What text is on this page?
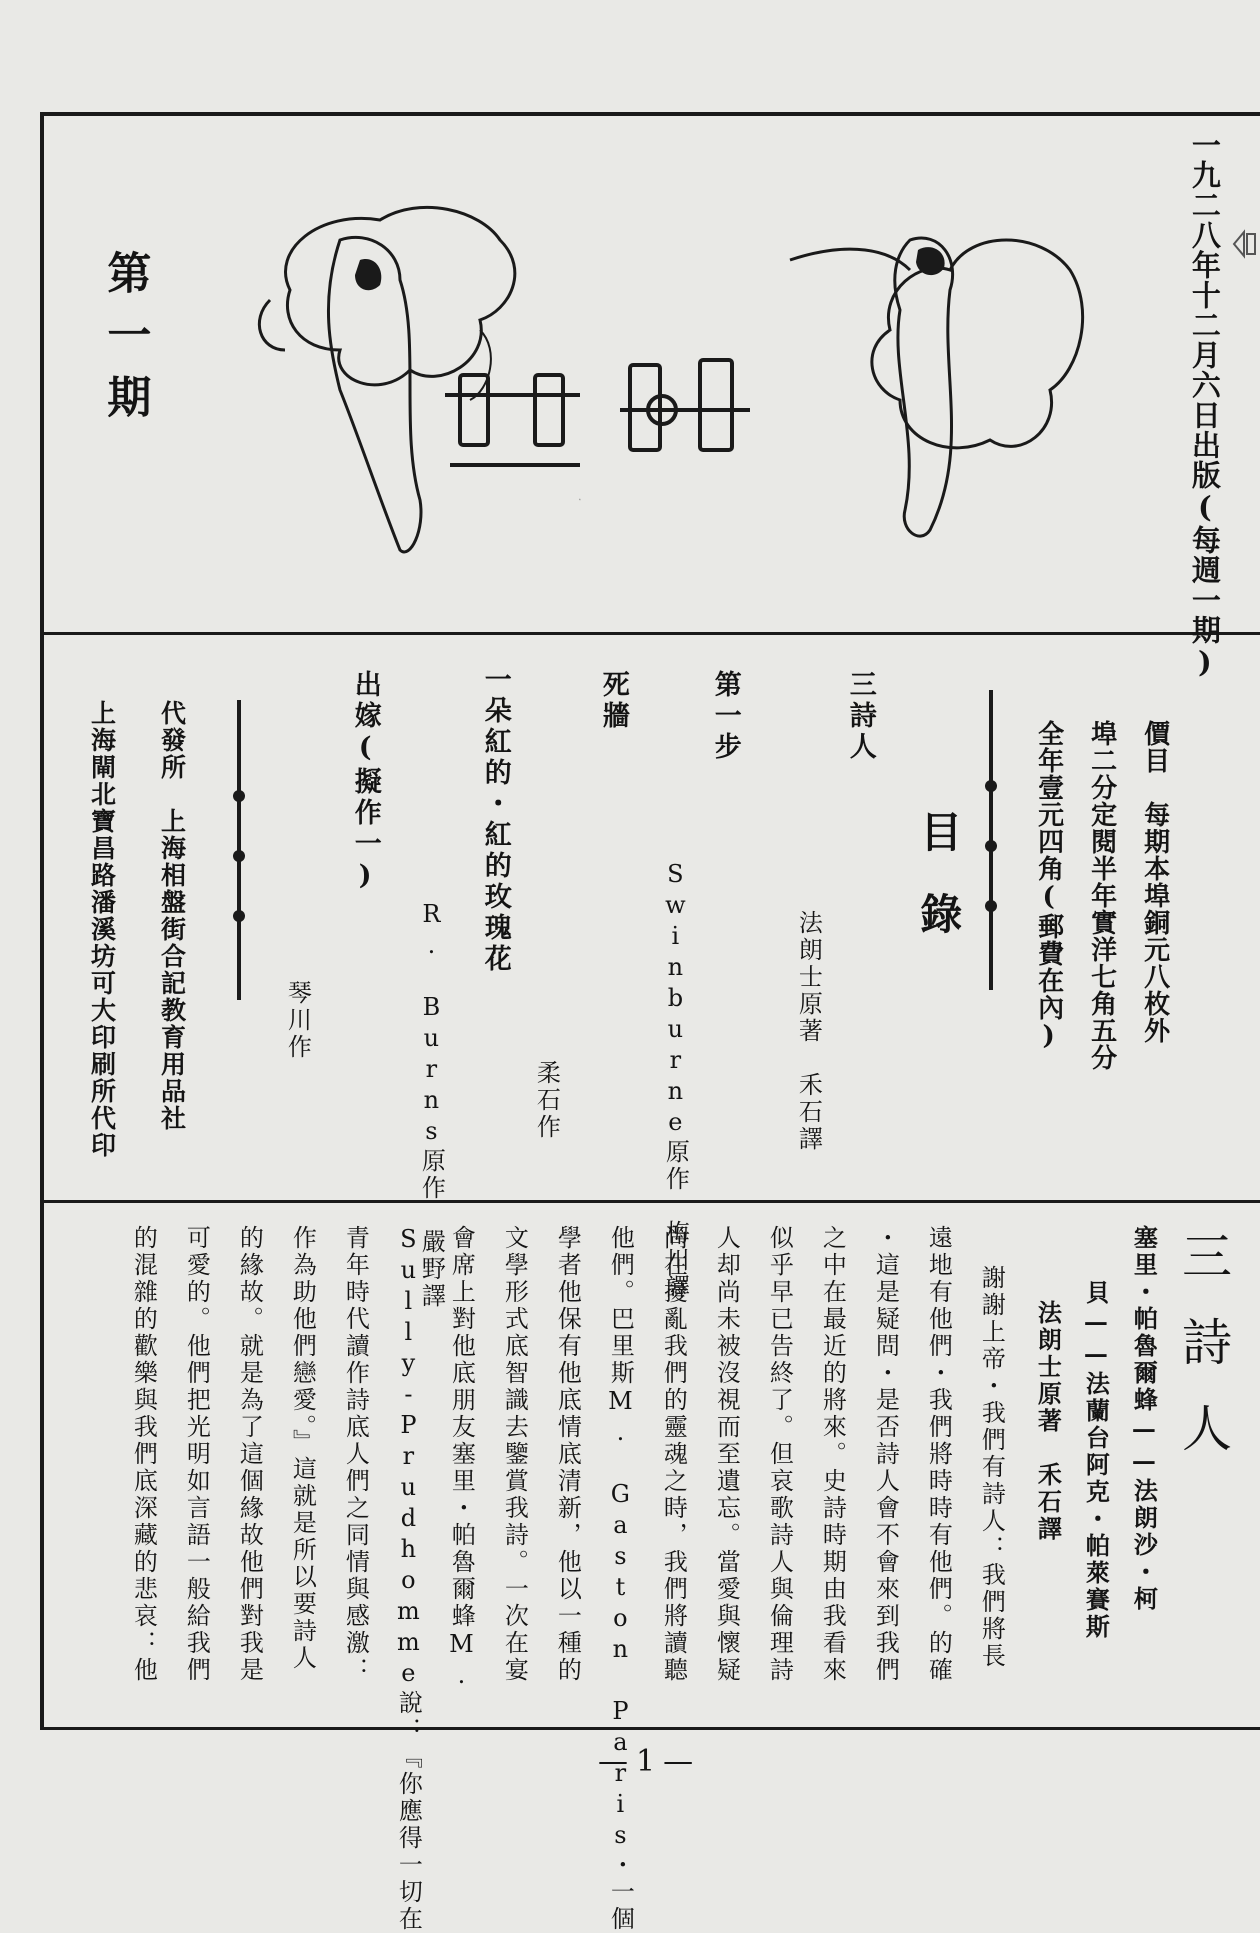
第一期	一九二八年十二月六日出版(每週一期)
開花
價目　每期本埠銅元八枚外
埠二分定閱半年實洋七角五分
全年壹元四角(郵費在內)
目錄
三詩人
法朗士原著　禾石譯
第一步
Swinburne原作　梅川譯
死牆
柔石作
一朵紅的・紅的玫瑰花
R. Burns原作　嚴野譯
出嫁(擬作一)
琴川作
代發所　上海相盤街合記教育用品社
上海閘北寶昌路潘溪坊可大印刷所代印
三詩人
塞里・帕魯爾蜂——法朗沙・柯
貝——法蘭台阿克・帕萊賽斯
法朗士原著　禾石譯
謝謝上帝・我們有詩人：我們將長
遠地有他們・我們將時時有他們。的確
・這是疑問・是否詩人會不會來到我們
之中在最近的將來。史詩時期由我看來
似乎早已告終了。但哀歌詩人與倫理詩
人却尚未被沒視而至遺忘。當愛與懷疑
尚在擾亂我們的靈魂之時，我們將讀聽
他們。巴里斯M. Gaston Paris・一個
學者他保有他底情底清新，他以一種的
文學形式底智識去鑒賞我詩。一次在宴
會席上對他底朋友塞里・帕魯爾蜂M.
Sully-Prudhomme說：『你應得一切在
青年時代讀作詩底人們之同情與感激：
作為助他們戀愛。』這就是所以要詩人
的緣故。就是為了這個緣故他們對我是
可愛的。他們把光明如言語一般給我們
的混雜的歡樂與我們底深藏的悲哀：他
—1—
